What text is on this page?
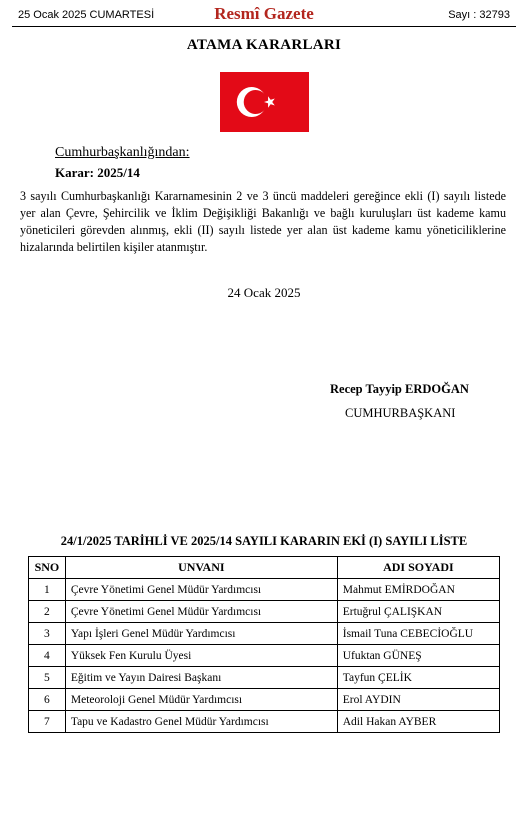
25 Ocak 2025 CUMARTESİ	Resmî Gazete	Sayı : 32793
ATAMA KARARLARI
Cumhurbaşkanlığından:
Karar: 2025/14
3 sayılı Cumhurbaşkanlığı Kararnamesinin 2 ve 3 üncü maddeleri gereğince ekli (I) sayılı listede yer alan Çevre, Şehircilik ve İklim Değişikliği Bakanlığı ve bağlı kuruluşları üst kademe kamu yöneticileri görevden alınmış, ekli (II) sayılı listede yer alan üst kademe kamu yöneticiliklerine hizalarında belirtilen kişiler atanmıştır.
24 Ocak 2025
Recep Tayyip ERDOĞAN
CUMHURBAŞKANI
24/1/2025 TARİHLİ VE 2025/14 SAYILI KARARIN EKİ (I) SAYILI LİSTE
SNO	UNVANI	ADI SOYADI
1	Çevre Yönetimi Genel Müdür Yardımcısı	Mahmut EMİRDOĞAN
2	Çevre Yönetimi Genel Müdür Yardımcısı	Ertuğrul ÇALIŞKAN
3	Yapı İşleri Genel Müdür Yardımcısı	İsmail Tuna CEBECİOĞLU
4	Yüksek Fen Kurulu Üyesi	Ufuktan GÜNEŞ
5	Eğitim ve Yayın Dairesi Başkanı	Tayfun ÇELİK
6	Meteoroloji Genel Müdür Yardımcısı	Erol AYDIN
7	Tapu ve Kadastro Genel Müdür Yardımcısı	Adil Hakan AYBER
